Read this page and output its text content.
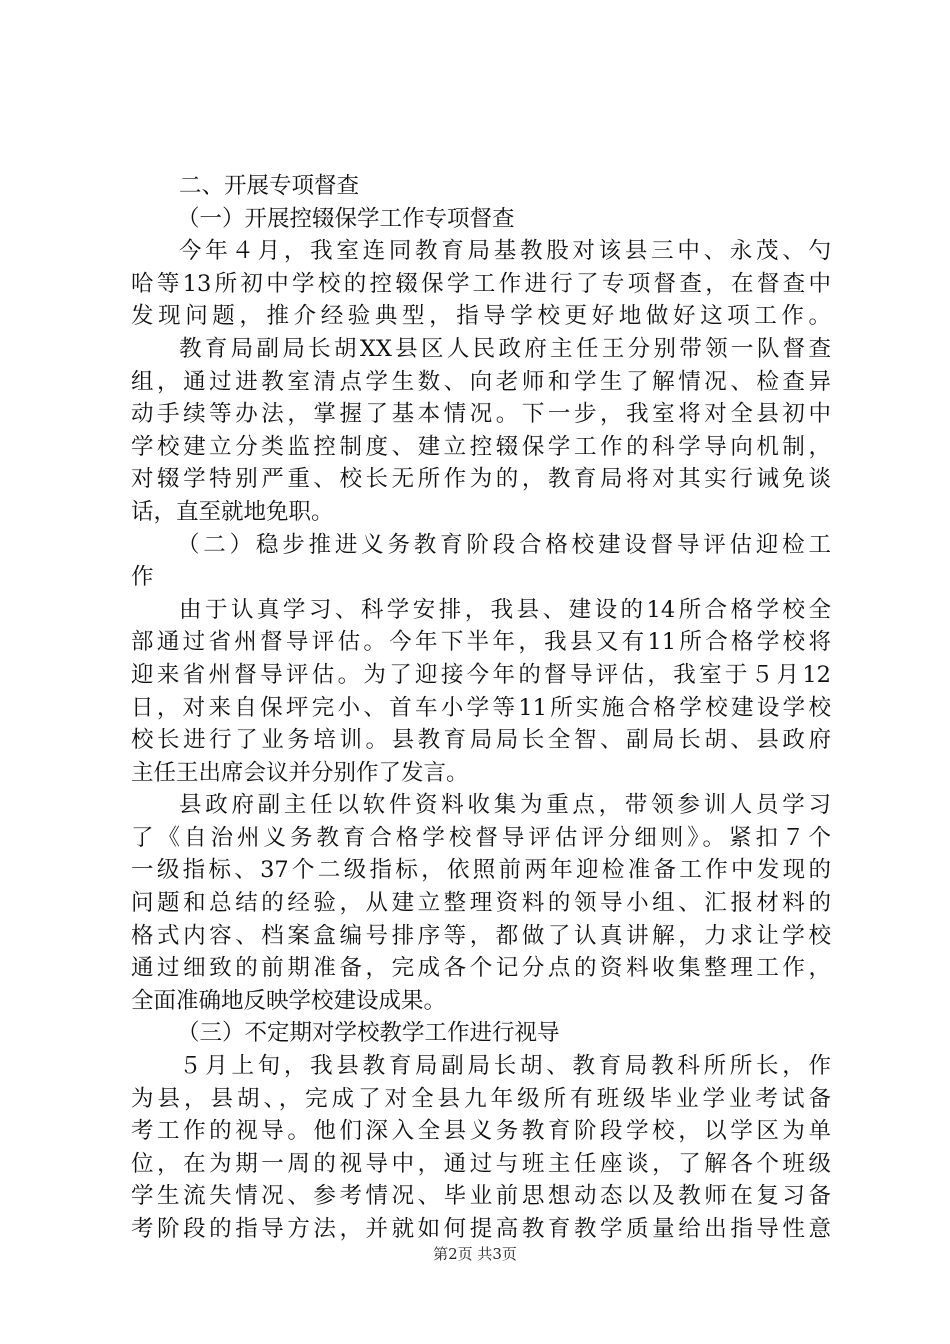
二、开展专项督查
（一）开展控辍保学工作专项督查
今年４月，我室连同教育局基教股对该县三中、永茂、勺
哈等13所初中学校的控辍保学工作进行了专项督查，在督查中
发现问题，推介经验典型，指导学校更好地做好这项工作。
教育局副局长胡XX县区人民政府主任王分别带领一队督查
组，通过进教室清点学生数、向老师和学生了解情况、检查异
动手续等办法，掌握了基本情况。下一步，我室将对全县初中
学校建立分类监控制度、建立控辍保学工作的科学导向机制，
对辍学特别严重、校长无所作为的，教育局将对其实行诫免谈
话，直至就地免职。
（二）稳步推进义务教育阶段合格校建设督导评估迎检工
作
由于认真学习、科学安排，我县、建设的14所合格学校全
部通过省州督导评估。今年下半年，我县又有11所合格学校将
迎来省州督导评估。为了迎接今年的督导评估，我室于５月12
日，对来自保坪完小、首车小学等11所实施合格学校建设学校
校长进行了业务培训。县教育局局长全智、副局长胡、县政府
主任王出席会议并分别作了发言。
县政府副主任以软件资料收集为重点，带领参训人员学习
了《自治州义务教育合格学校督导评估评分细则》。紧扣７个
一级指标、37个二级指标，依照前两年迎检准备工作中发现的
问题和总结的经验，从建立整理资料的领导小组、汇报材料的
格式内容、档案盒编号排序等，都做了认真讲解，力求让学校
通过细致的前期准备，完成各个记分点的资料收集整理工作，
全面准确地反映学校建设成果。
（三）不定期对学校教学工作进行视导
５月上旬，我县教育局副局长胡、教育局教科所所长，作
为县，县胡、，完成了对全县九年级所有班级毕业学业考试备
考工作的视导。他们深入全县义务教育阶段学校，以学区为单
位，在为期一周的视导中，通过与班主任座谈，了解各个班级
学生流失情况、参考情况、毕业前思想动态以及教师在复习备
考阶段的指导方法，并就如何提高教育教学质量给出指导性意
第2页 共3页
